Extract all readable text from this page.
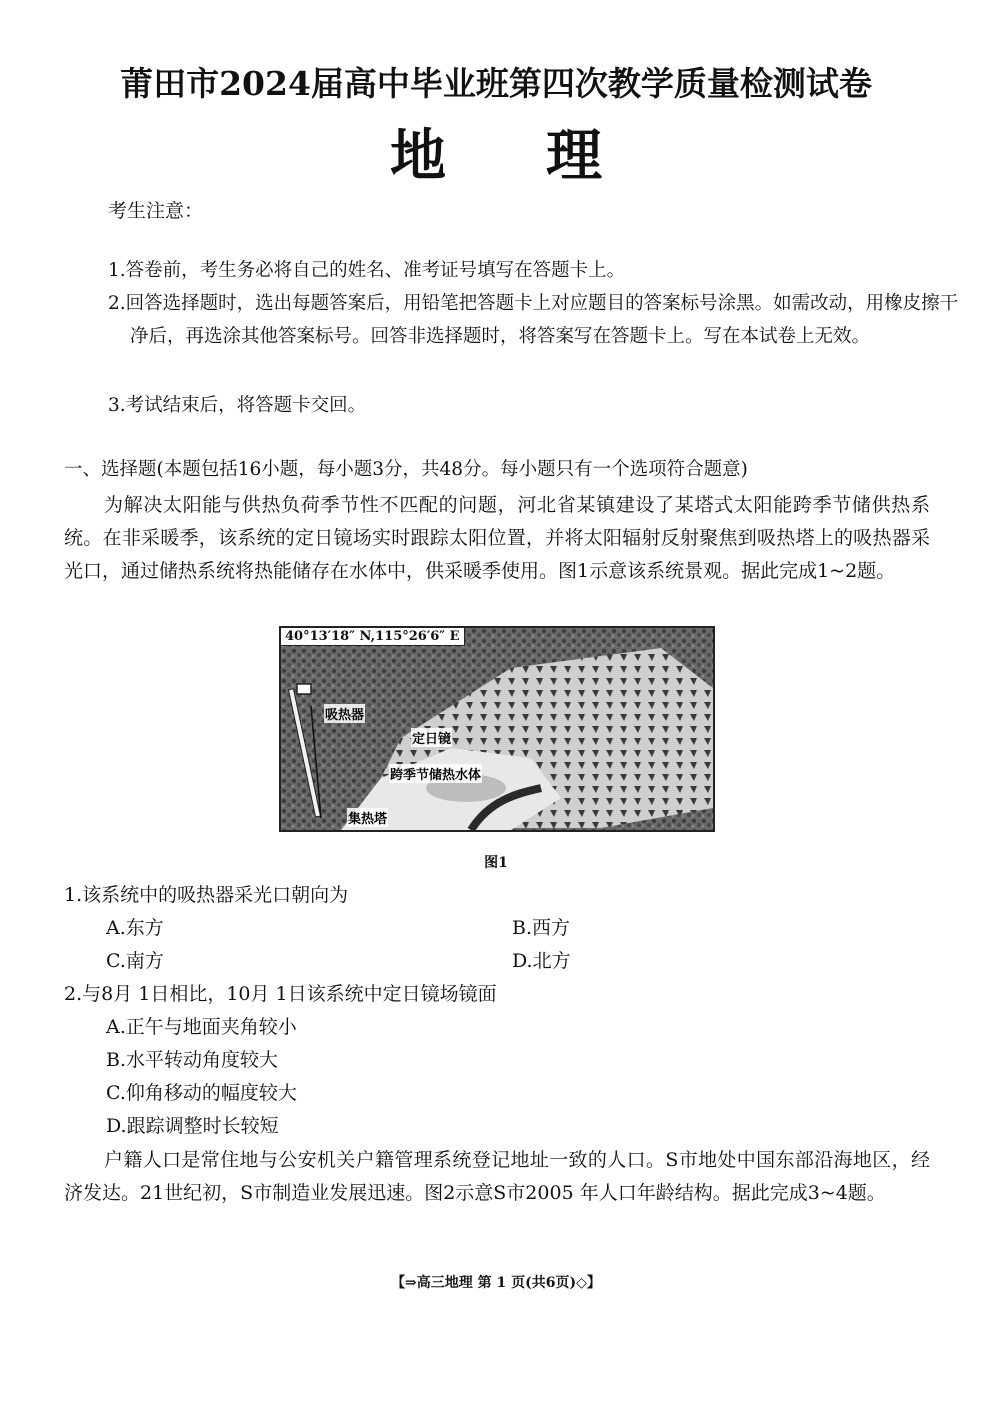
莆田市2024届高中毕业班第四次教学质量检测试卷
地理
考生注意：
1.答卷前，考生务必将自己的姓名、准考证号填写在答题卡上。
2.回答选择题时，选出每题答案后，用铅笔把答题卡上对应题目的答案标号涂黑。如需改动，用橡皮擦干净后，再选涂其他答案标号。回答非选择题时，将答案写在答题卡上。写在本试卷上无效。
3.考试结束后，将答题卡交回。
一、选择题(本题包括16小题，每小题3分，共48分。每小题只有一个选项符合题意)
为解决太阳能与供热负荷季节性不匹配的问题，河北省某镇建设了某塔式太阳能跨季节储供热系统。在非采暖季，该系统的定日镜场实时跟踪太阳位置，并将太阳辐射反射聚焦到吸热塔上的吸热器采光口，通过储热系统将热能储存在水体中，供采暖季使用。图1示意该系统景观。据此完成1~2题。
40°13′18″ N,115°26′6″ E
吸热器
定日镜
跨季节储热水体
集热塔
图1
1.该系统中的吸热器采光口朝向为
A.东方	B.西方
C.南方	D.北方
2.与8月 1日相比，10月 1日该系统中定日镜场镜面
A.正午与地面夹角较小
B.水平转动角度较大
C.仰角移动的幅度较大
D.跟踪调整时长较短
户籍人口是常住地与公安机关户籍管理系统登记地址一致的人口。S市地处中国东部沿海地区，经济发达。21世纪初，S市制造业发展迅速。图2示意S市2005 年人口年龄结构。据此完成3~4题。
【⇒高三地理 第 1 页(共6页)◇】
